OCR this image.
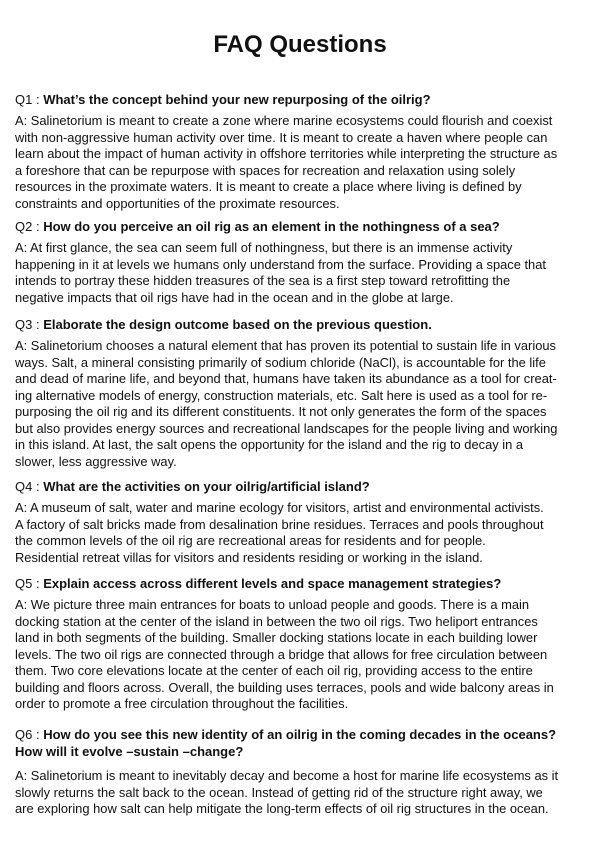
FAQ Questions
Q1 : What’s the concept behind your new repurposing of the oilrig?
A: Salinetorium is meant to create a zone where marine ecosystems could flourish and coexist
with non-aggressive human activity over time. It is meant to create a haven where people can
learn about the impact of human activity in offshore territories while interpreting the structure as
a foreshore that can be repurpose with spaces for recreation and relaxation using solely
resources in the proximate waters. It is meant to create a place where living is defined by
constraints and opportunities of the proximate resources.
Q2 : How do you perceive an oil rig as an element in the nothingness of a sea?
A: At first glance, the sea can seem full of nothingness, but there is an immense activity
happening in it at levels we humans only understand from the surface. Providing a space that
intends to portray these hidden treasures of the sea is a first step toward retrofitting the
negative impacts that oil rigs have had in the ocean and in the globe at large.
Q3 : Elaborate the design outcome based on the previous question.
A: Salinetorium chooses a natural element that has proven its potential to sustain life in various
ways. Salt, a mineral consisting primarily of sodium chloride (NaCl), is accountable for the life
and dead of marine life, and beyond that, humans have taken its abundance as a tool for creat-
ing alternative models of energy, construction materials, etc. Salt here is used as a tool for re-
purposing the oil rig and its different constituents. It not only generates the form of the spaces
but also provides energy sources and recreational landscapes for the people living and working
in this island. At last, the salt opens the opportunity for the island and the rig to decay in a
slower, less aggressive way.
Q4 : What are the activities on your oilrig/artificial island?
A: A museum of salt, water and marine ecology for visitors, artist and environmental activists.
A factory of salt bricks made from desalination brine residues. Terraces and pools throughout
the common levels of the oil rig are recreational areas for residents and for people.
Residential retreat villas for visitors and residents residing or working in the island.
Q5 : Explain access across different levels and space management strategies?
A: We picture three main entrances for boats to unload people and goods. There is a main
docking station at the center of the island in between the two oil rigs. Two heliport entrances
land in both segments of the building. Smaller docking stations locate in each building lower
levels. The two oil rigs are connected through a bridge that allows for free circulation between
them. Two core elevations locate at the center of each oil rig, providing access to the entire
building and floors across. Overall, the building uses terraces, pools and wide balcony areas in
order to promote a free circulation throughout the facilities.
Q6 : How do you see this new identity of an oilrig in the coming decades in the oceans?
How will it evolve –sustain –change?
A: Salinetorium is meant to inevitably decay and become a host for marine life ecosystems as it
slowly returns the salt back to the ocean. Instead of getting rid of the structure right away, we
are exploring how salt can help mitigate the long-term effects of oil rig structures in the ocean.
